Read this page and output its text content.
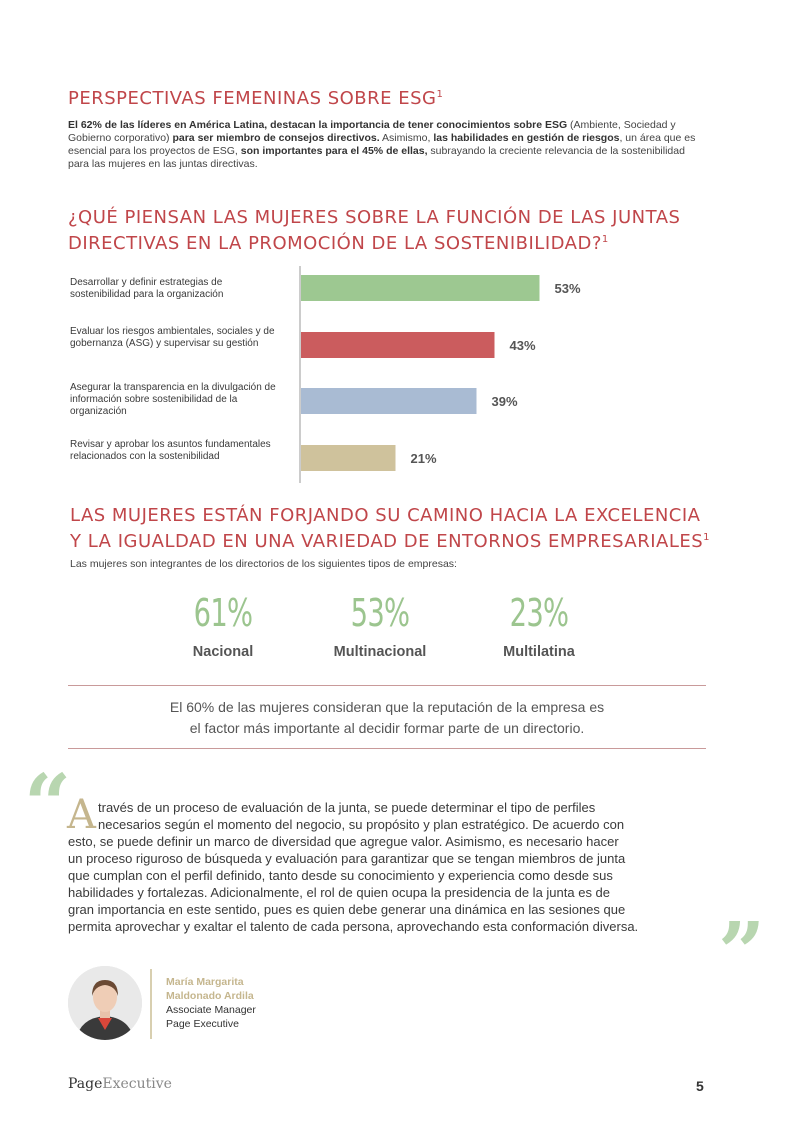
PERSPECTIVAS FEMENINAS SOBRE ESG$^1$

El 62% de las líderes en América Latina, destacan la importancia de tener conocimientos sobre ESG (Ambiente, Sociedad y Gobierno corporativo) para ser miembro de consejos directivos. Asimismo, las habilidades en gestión de riesgos, un área que es esencial para los proyectos de ESG, son importantes para el 45% de ellas, subrayando la creciente relevancia de la sostenibilidad para las mujeres en las juntas directivas.

¿QUÉ PIENSAN LAS MUJERES SOBRE LA FUNCIÓN DE LAS JUNTAS
DIRECTIVAS EN LA PROMOCIÓN DE LA SOSTENIBILIDAD?$^1$
Desarrollar y definir estrategias de sostenibilidad para la organización
Evaluar los riesgos ambientales, sociales y de gobernanza (ASG) y supervisar su gestión
Asegurar la transparencia en la divulgación de información sobre sostenibilidad de la organización
Revisar y aprobar los asuntos fundamentales relacionados con la sostenibilidad
53%
43%
39%
21%
LAS MUJERES ESTÁN FORJANDO SU CAMINO HACIA LA EXCELENCIA
Y LA IGUALDAD EN UNA VARIEDAD DE ENTORNOS EMPRESARIALES$^1$

Las mujeres son integrantes de los directorios de los siguientes tipos de empresas:

61%
Nacional
53%
Multinacional
23%
Multilatina

El 60% de las mujeres consideran que la reputación de la empresa es
el factor más importante al decidir formar parte de un directorio.

“
A través de un proceso de evaluación de la junta, se puede determinar el tipo de perfiles
necesarios según el momento del negocio, su propósito y plan estratégico. De acuerdo con
esto, se puede definir un marco de diversidad que agregue valor. Asimismo, es necesario hacer
un proceso riguroso de búsqueda y evaluación para garantizar que se tengan miembros de junta
que cumplan con el perfil definido, tanto desde su conocimiento y experiencia como desde sus
habilidades y fortalezas. Adicionalmente, el rol de quien ocupa la presidencia de la junta es de
gran importancia en este sentido, pues es quien debe generar una dinámica en las sesiones que
permita aprovechar y exaltar el talento de cada persona, aprovechando esta conformación diversa. ”
María Margarita
Maldonado Ardila
Associate Manager
Page Executive
PageExecutive	5
